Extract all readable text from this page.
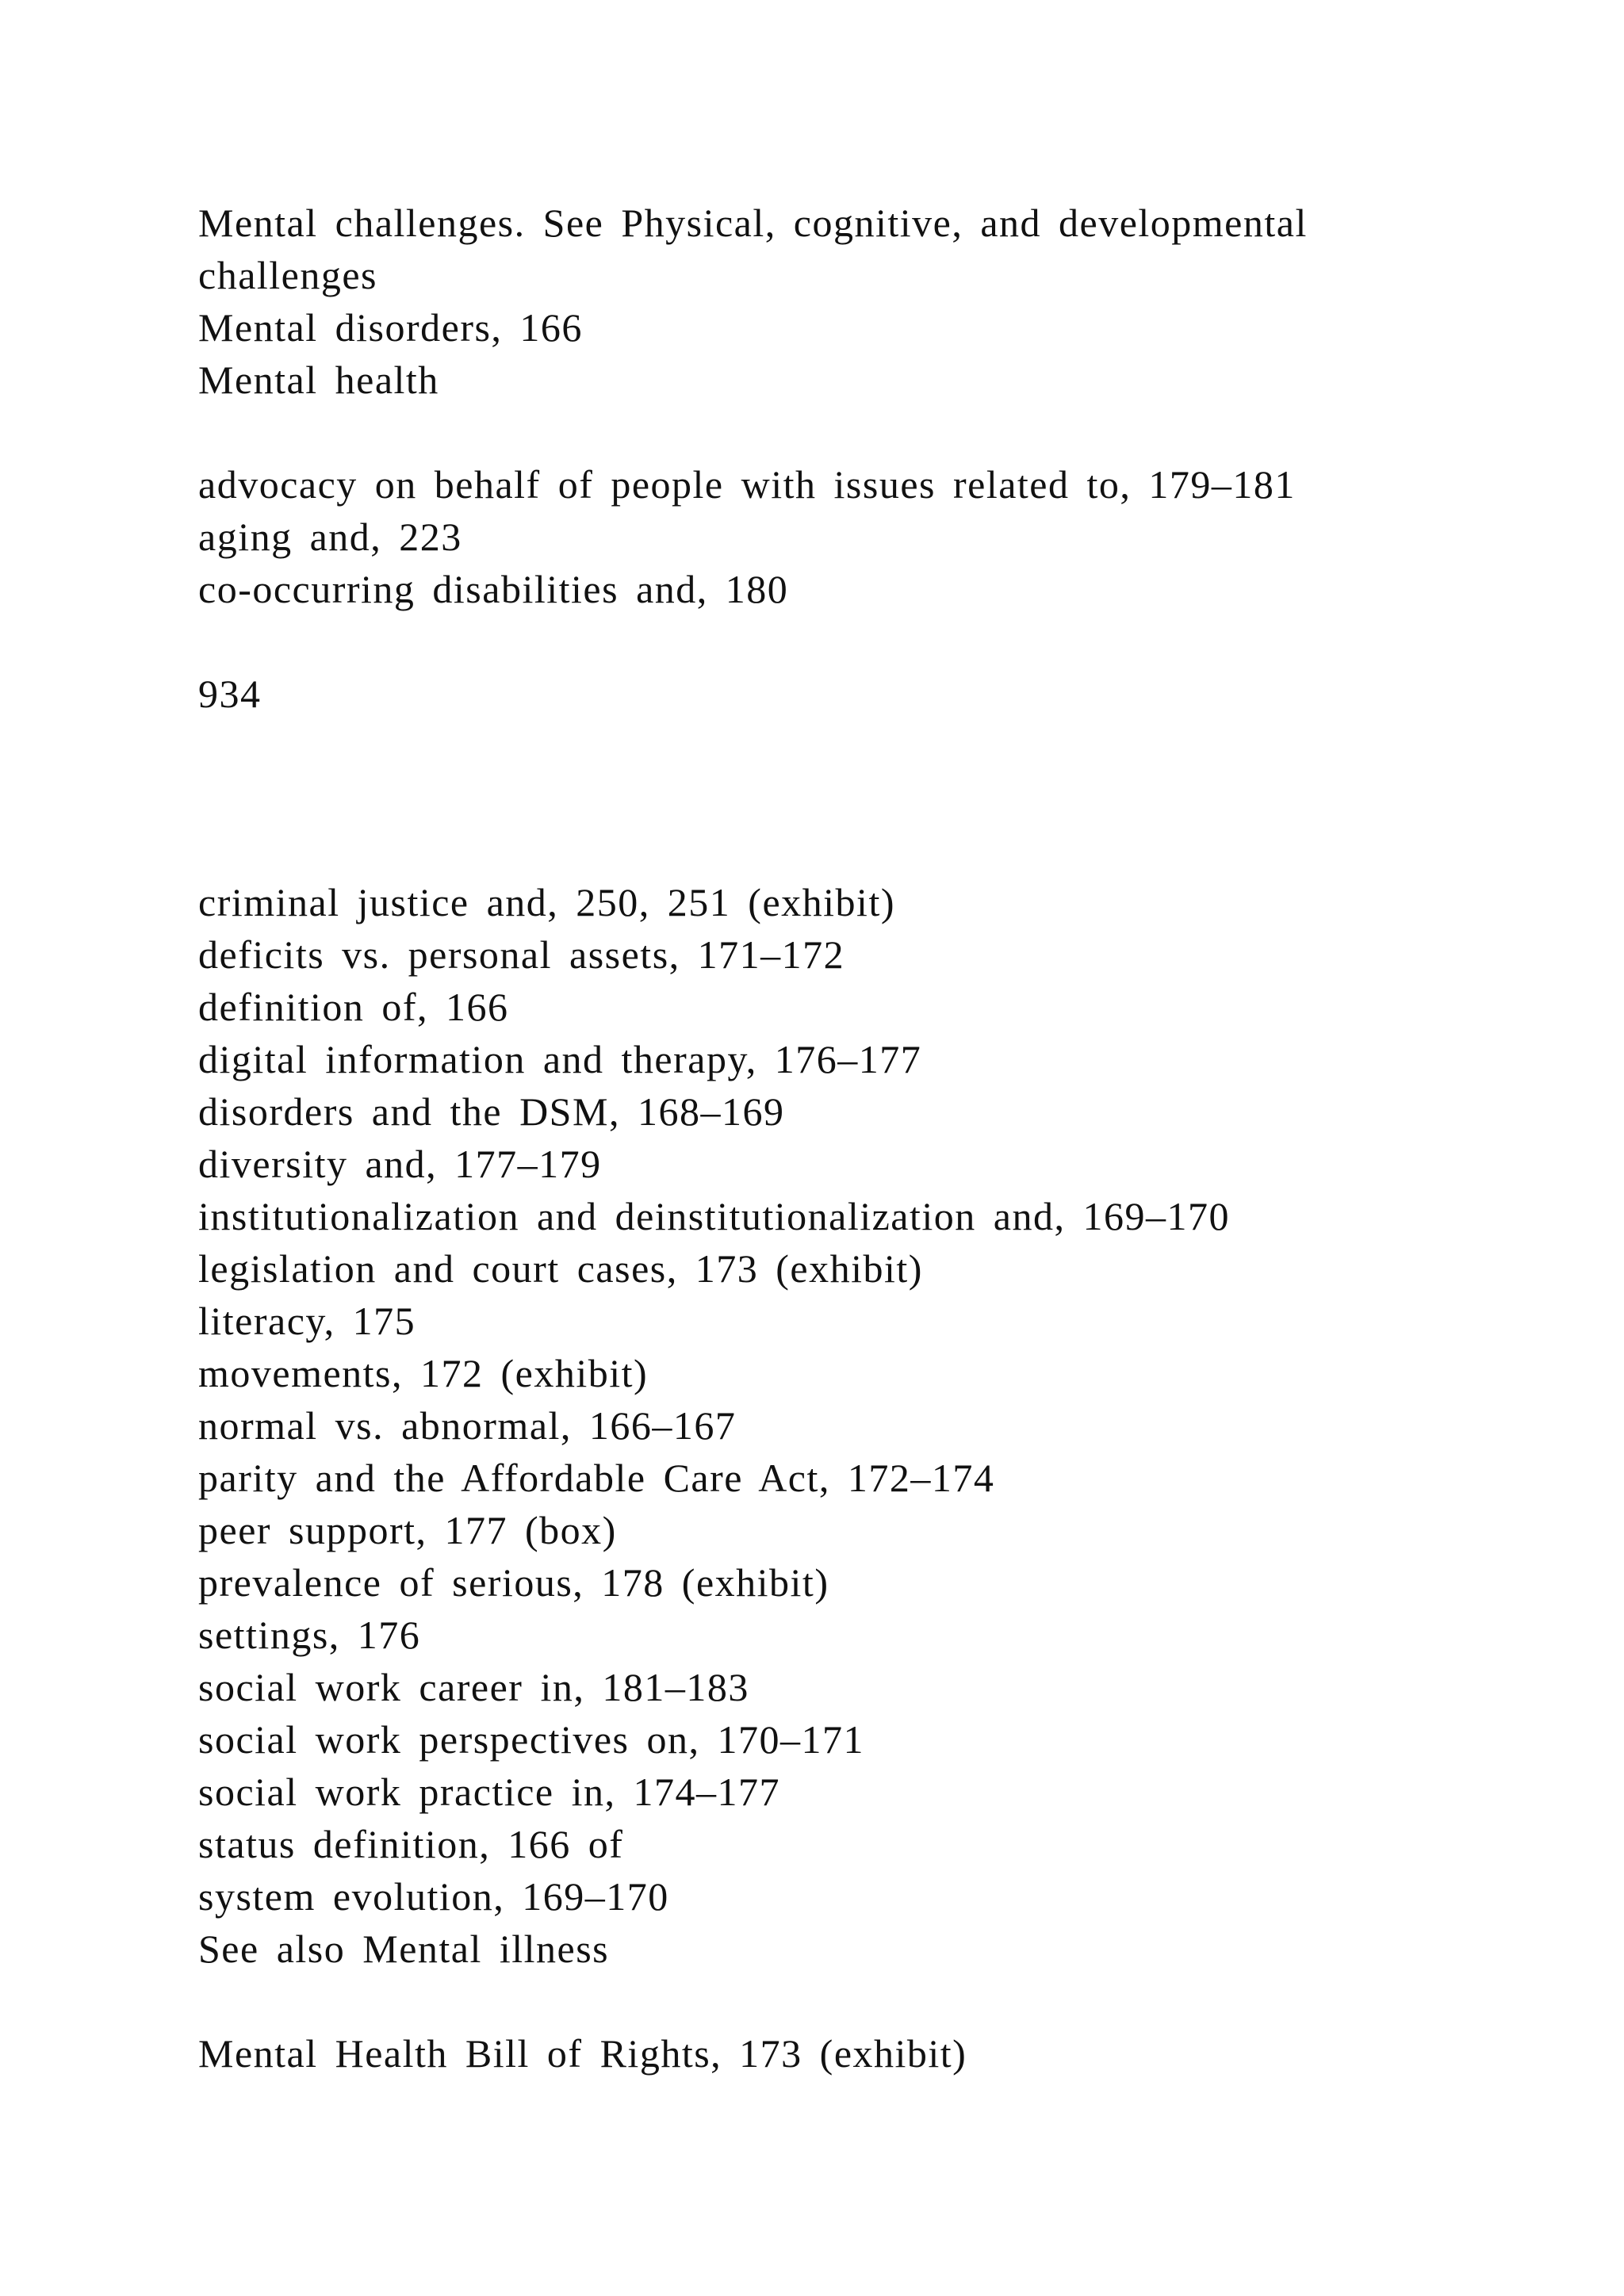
Mental challenges. See Physical, cognitive, and developmental
challenges
Mental disorders, 166
Mental health
advocacy on behalf of people with issues related to, 179–181
aging and, 223
co-occurring disabilities and, 180
934
criminal justice and, 250, 251 (exhibit)
deficits vs. personal assets, 171–172
definition of, 166
digital information and therapy, 176–177
disorders and the DSM, 168–169
diversity and, 177–179
institutionalization and deinstitutionalization and, 169–170
legislation and court cases, 173 (exhibit)
literacy, 175
movements, 172 (exhibit)
normal vs. abnormal, 166–167
parity and the Affordable Care Act, 172–174
peer support, 177 (box)
prevalence of serious, 178 (exhibit)
settings, 176
social work career in, 181–183
social work perspectives on, 170–171
social work practice in, 174–177
status definition, 166 of
system evolution, 169–170
See also Mental illness
Mental Health Bill of Rights, 173 (exhibit)
